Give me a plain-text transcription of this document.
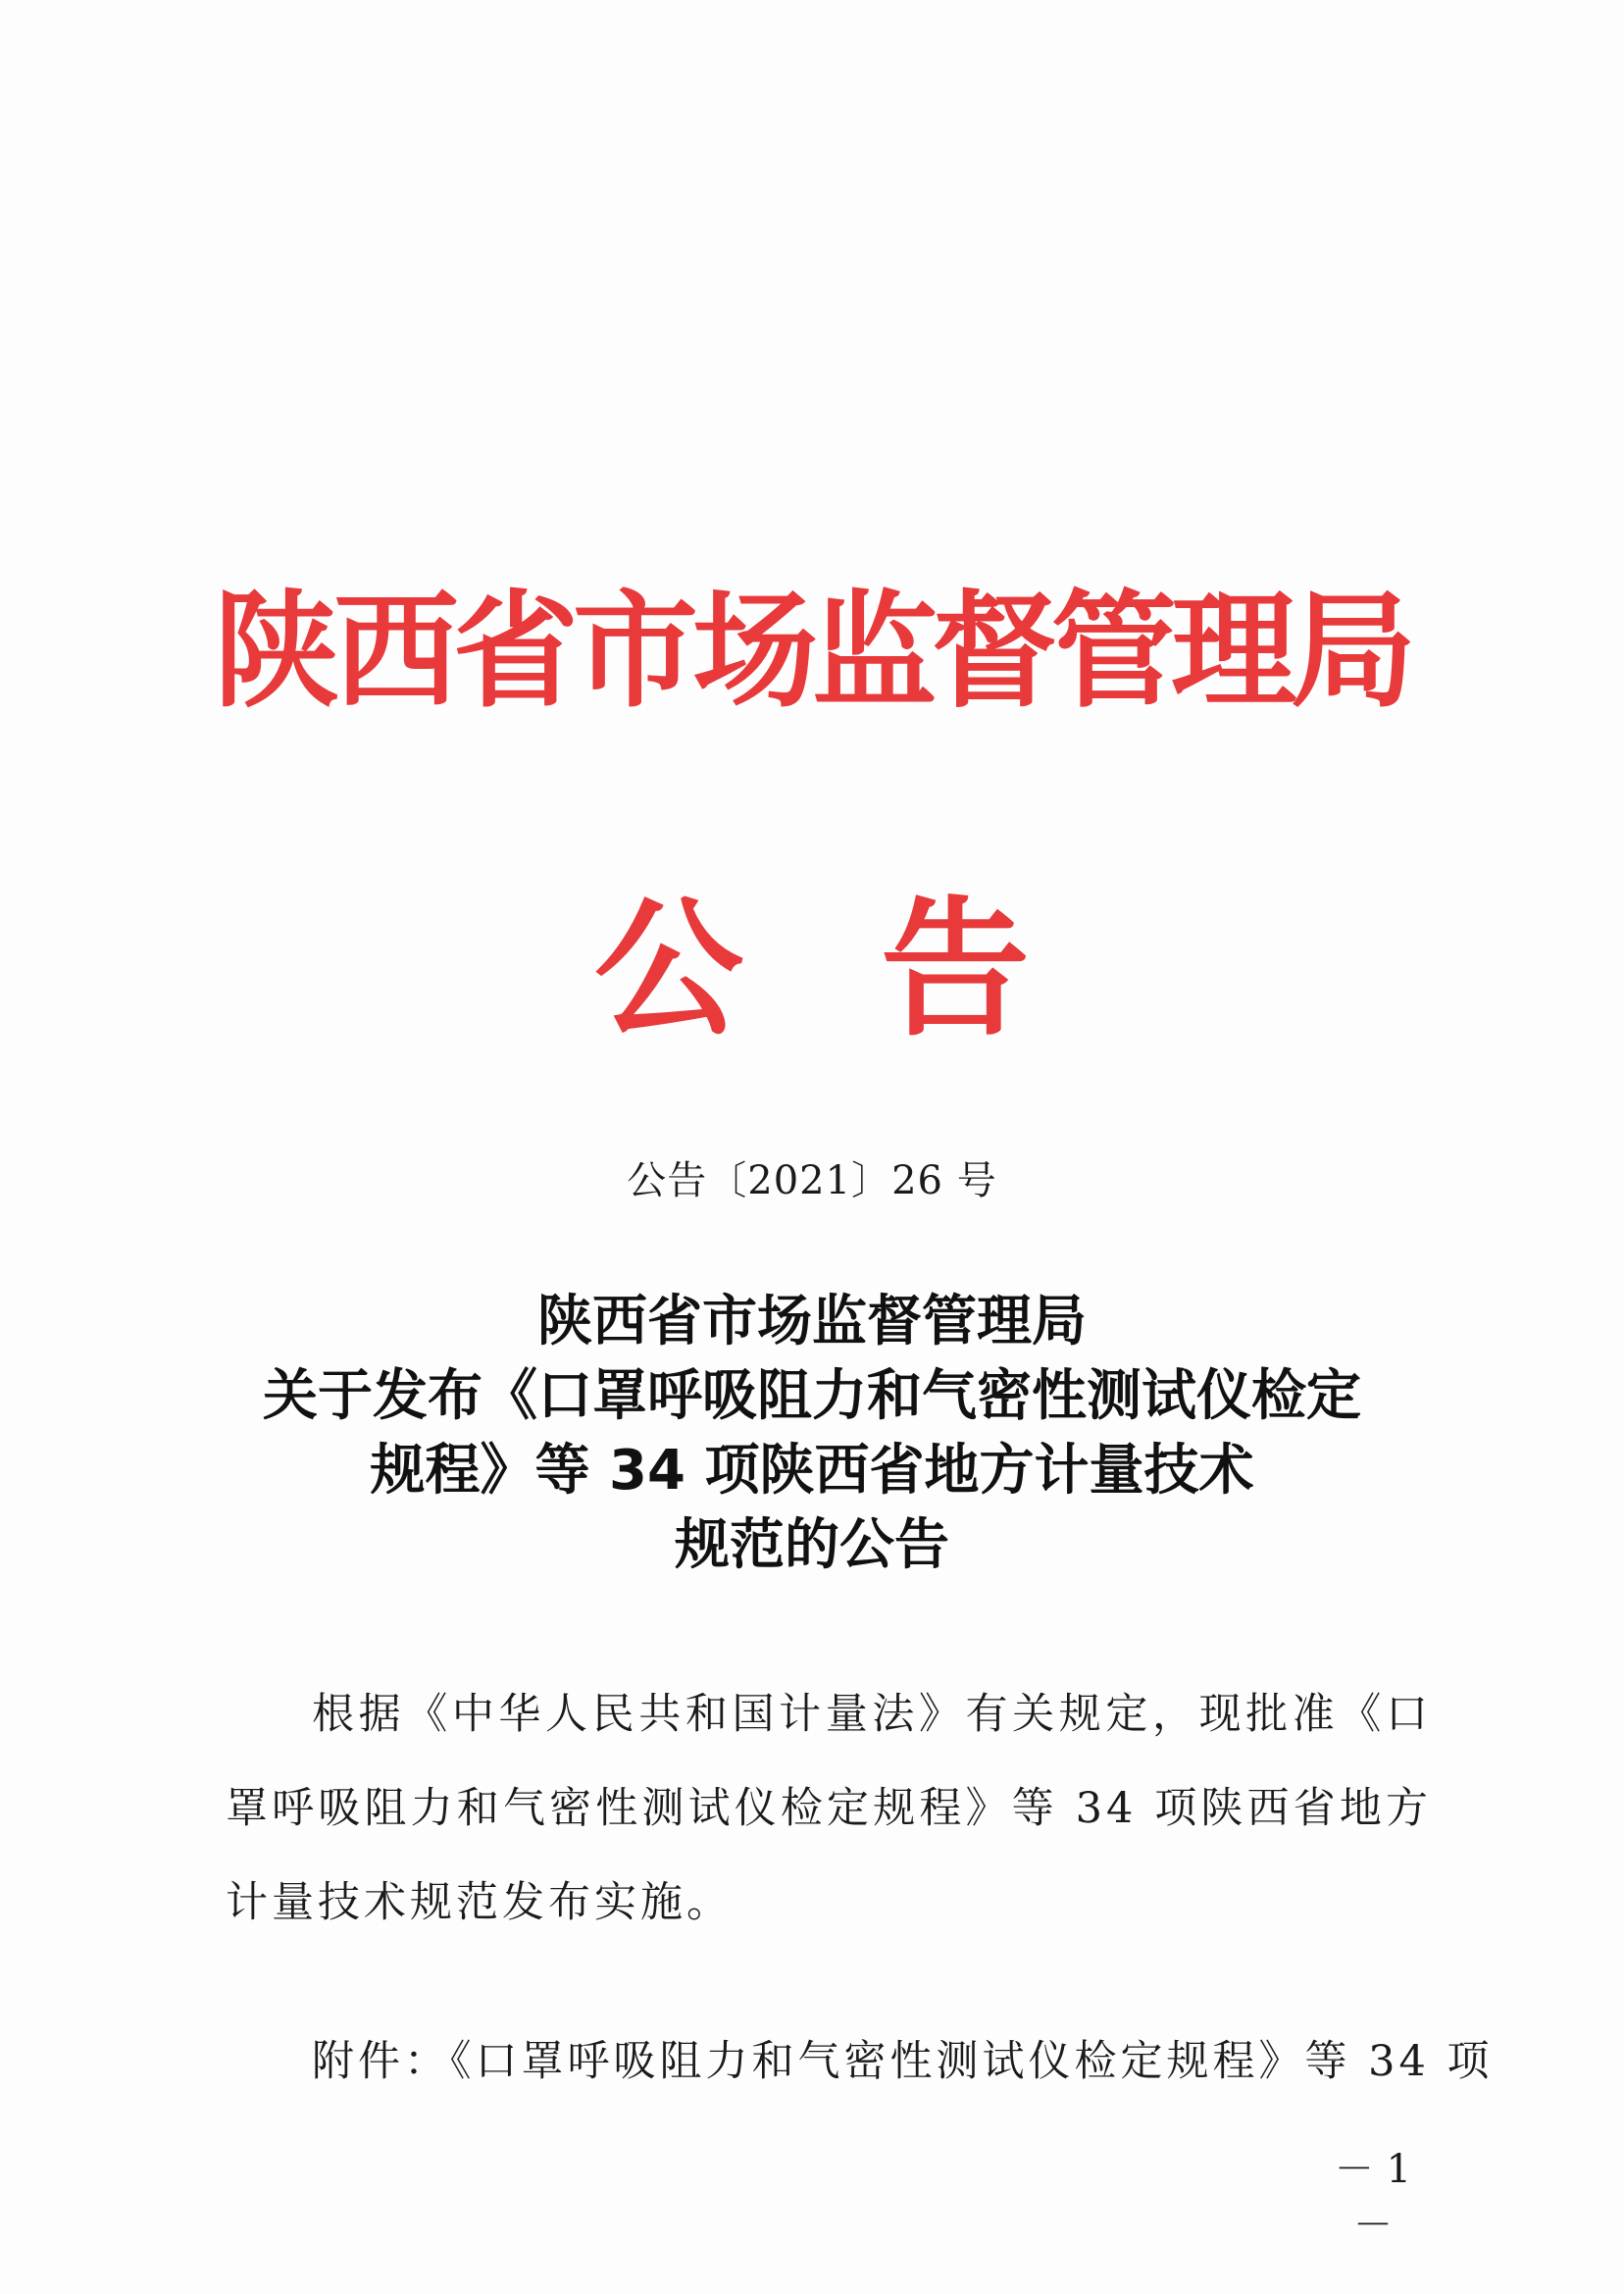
陕西省市场监督管理局
公 告
公告〔2021〕26 号
陕西省市场监督管理局
关于发布《口罩呼吸阻力和气密性测试仪检定
规程》等 34 项陕西省地方计量技术
规范的公告
根据《中华人民共和国计量法》有关规定，现批准《口罩呼吸阻力和气密性测试仪检定规程》等 34 项陕西省地方计量技术规范发布实施。
附件：《口罩呼吸阻力和气密性测试仪检定规程》等 34 项
－ 1 －
